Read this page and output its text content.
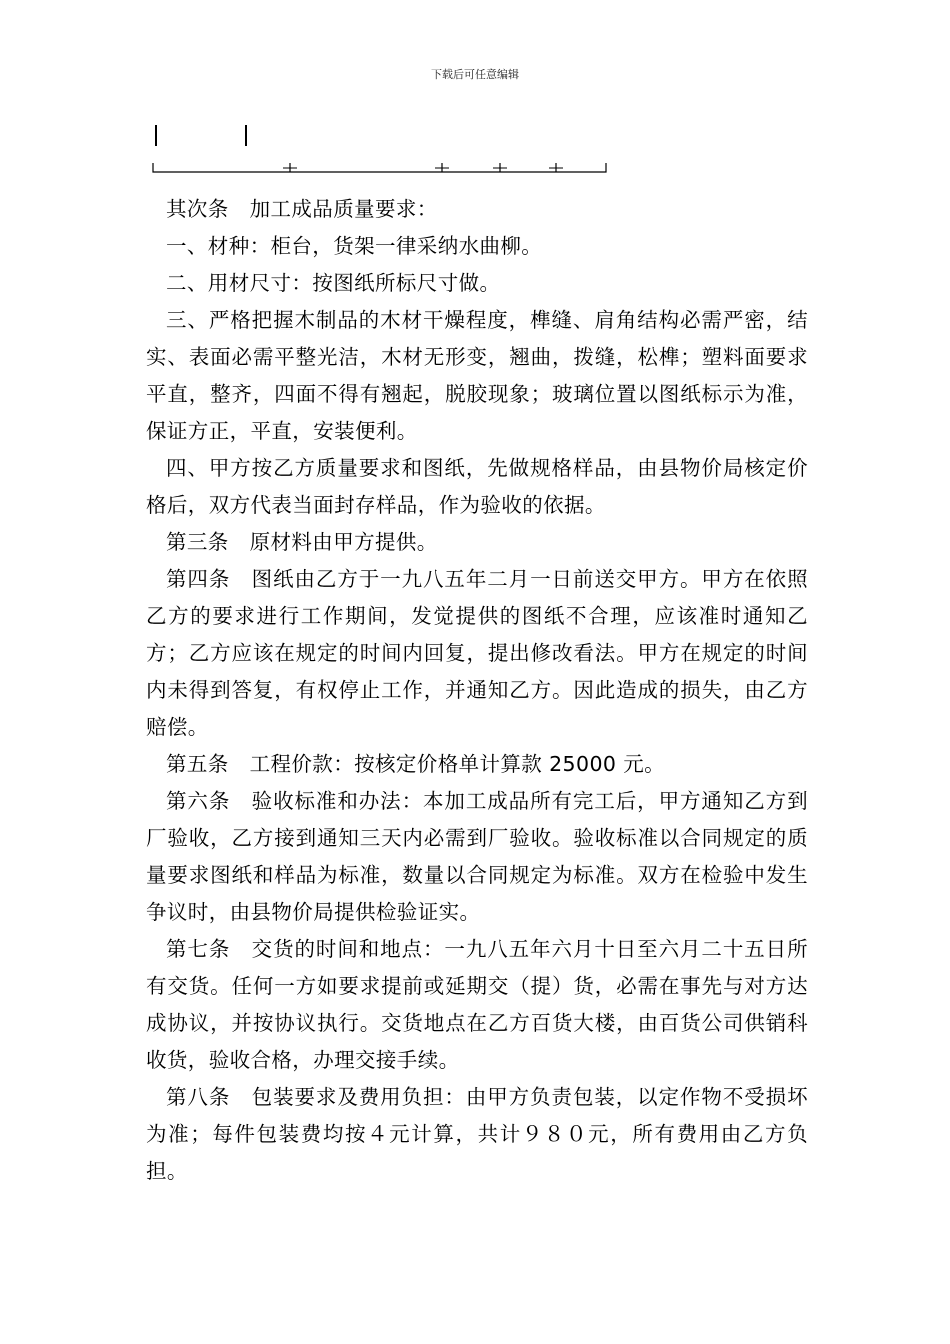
下载后可任意编辑

其次条　加工成品质量要求：

一、材种：柜台，货架一律采纳水曲柳。

二、用材尺寸：按图纸所标尺寸做。

三、严格把握木制品的木材干燥程度，榫缝、肩角结构必需严密，结实、表面必需平整光洁，木材无形变，翘曲，拨缝，松榫；塑料面要求平直，整齐，四面不得有翘起，脱胶现象；玻璃位置以图纸标示为准，保证方正，平直，安装便利。

四、甲方按乙方质量要求和图纸，先做规格样品，由县物价局核定价格后，双方代表当面封存样品，作为验收的依据。

第三条　原材料由甲方提供。

第四条　图纸由乙方于一九八五年二月一日前送交甲方。甲方在依照乙方的要求进行工作期间，发觉提供的图纸不合理，应该准时通知乙方；乙方应该在规定的时间内回复，提出修改看法。甲方在规定的时间内未得到答复，有权停止工作，并通知乙方。因此造成的损失，由乙方赔偿。

第五条　工程价款：按核定价格单计算款 25000 元。

第六条　验收标准和办法：本加工成品所有完工后，甲方通知乙方到厂验收，乙方接到通知三天内必需到厂验收。验收标准以合同规定的质量要求图纸和样品为标准，数量以合同规定为标准。双方在检验中发生争议时，由县物价局提供检验证实。

第七条　交货的时间和地点：一九八五年六月十日至六月二十五日所有交货。任何一方如要求提前或延期交（提）货，必需在事先与对方达成协议，并按协议执行。交货地点在乙方百货大楼，由百货公司供销科收货，验收合格，办理交接手续。

第八条　包装要求及费用负担：由甲方负责包装，以定作物不受损坏为准；每件包装费均按４元计算，共计９８０元，所有费用由乙方负担。
